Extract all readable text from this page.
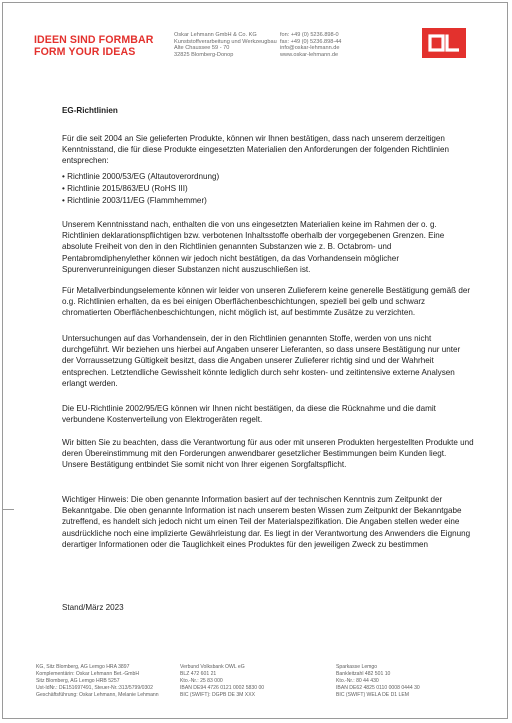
IDEEN SIND FORMBAR
FORM YOUR IDEAS
Oskar Lehmann GmbH & Co. KG
Kunststoffverarbeitung und Werkzeugbau
Alte Chaussee 59 - 70
32825 Blomberg-Donop
fon: +49 (0) 5236.898-0
fax: +49 (0) 5236.898-44
info@oskar-lehmann.de
www.oskar-lehmann.de
EG-Richtlinien

Für die seit 2004 an Sie gelieferten Produkte, können wir Ihnen bestätigen, dass nach unserem derzeitigen Kenntnisstand, die für diese Produkte eingesetzten Materialien den Anforderungen der folgenden Richtlinien entsprechen:

• Richtlinie 2000/53/EG (Altautoverordnung)
• Richtlinie 2015/863/EU (RoHS III)
• Richtlinie 2003/11/EG (Flammhemmer)

Unserem Kenntnisstand nach, enthalten die von uns eingesetzten Materialien keine im Rahmen der o. g. Richtlinien deklarationspflichtigen bzw. verbotenen Inhaltsstoffe oberhalb der vorgegebenen Grenzen. Eine absolute Freiheit von den in den Richtlinien genannten Substanzen wie z. B. Octabrom- und Pentabromdiphenylether können wir jedoch nicht bestätigen, da das Vorhandensein möglicher Spurenverunreinigungen dieser Substanzen nicht auszuschließen ist.

Für Metallverbindungselemente können wir leider von unseren Zulieferern keine generelle Bestätigung gemäß der o.g. Richtlinien erhalten, da es bei einigen Oberflächenbeschichtungen, speziell bei gelb und schwarz chromatierten Oberflächenbeschichtungen, nicht möglich ist, auf bestimmte Zusätze zu verzichten.

Untersuchungen auf das Vorhandensein, der in den Richtlinien genannten Stoffe, werden von uns nicht durchgeführt. Wir beziehen uns hierbei auf Angaben unserer Lieferanten, so dass unsere Bestätigung nur unter der Vorraussetzung Gültigkeit besitzt, dass die Angaben unserer Zulieferer richtig sind und der Wahrheit entsprechen. Letztendliche Gewissheit könnte lediglich durch sehr kosten- und zeitintensive externe Analysen erlangt werden.

Die EU-Richtlinie 2002/95/EG können wir Ihnen nicht bestätigen, da diese die Rücknahme und die damit verbundene Kostenverteilung von Elektrogeräten regelt.

Wir bitten Sie zu beachten, dass die Verantwortung für aus oder mit unseren Produkten hergestellten Produkte und deren Übereinstimmung mit den Forderungen anwendbarer gesetzlicher Bestimmungen beim Kunden liegt. Unsere Bestätigung entbindet Sie somit nicht von Ihrer eigenen Sorgfaltspflicht.

Wichtiger Hinweis: Die oben genannte Information basiert auf der technischen Kenntnis zum Zeitpunkt der Bekanntgabe. Die oben genannte Information ist nach unserem besten Wissen zum Zeitpunkt der Bekanntgabe zutreffend, es handelt sich jedoch nicht um einen Teil der Materialspezifikation. Die Angaben stellen weder eine ausdrückliche noch eine implizierte Gewährleistung dar. Es liegt in der Verantwortung des Anwenders die Eignung derartiger Informationen oder die Tauglichkeit eines Produktes für den jeweiligen Zweck zu bestimmen

Stand/März 2023
KG, Sitz Blomberg, AG Lemgo HRA 3897
Komplementärin: Oskar Lehmann Bet.-GmbH
Sitz Blomberg, AG Lemgo HRB 5257
Ust-IdNr.: DE151697491, Steuer-Nr.:313/5799/0302
Geschäftsführung: Oskar Lehmann, Melanie Lehmann
Verbund Volksbank OWL eG
BLZ 472 601 21
Kto.-Nr.: 25 83 000
IBAN DE94 4726 0121 0002 5830 00
BIC (SWIFT): DGPB DE 3M XXX
Sparkasse Lemgo
Bankleitzahl 482 501 10
Kto.-Nr.: 80 44 430
IBAN DE62 4825 0110 0008 0444 30
BIC (SWIFT) WELA DE D1 LEM
